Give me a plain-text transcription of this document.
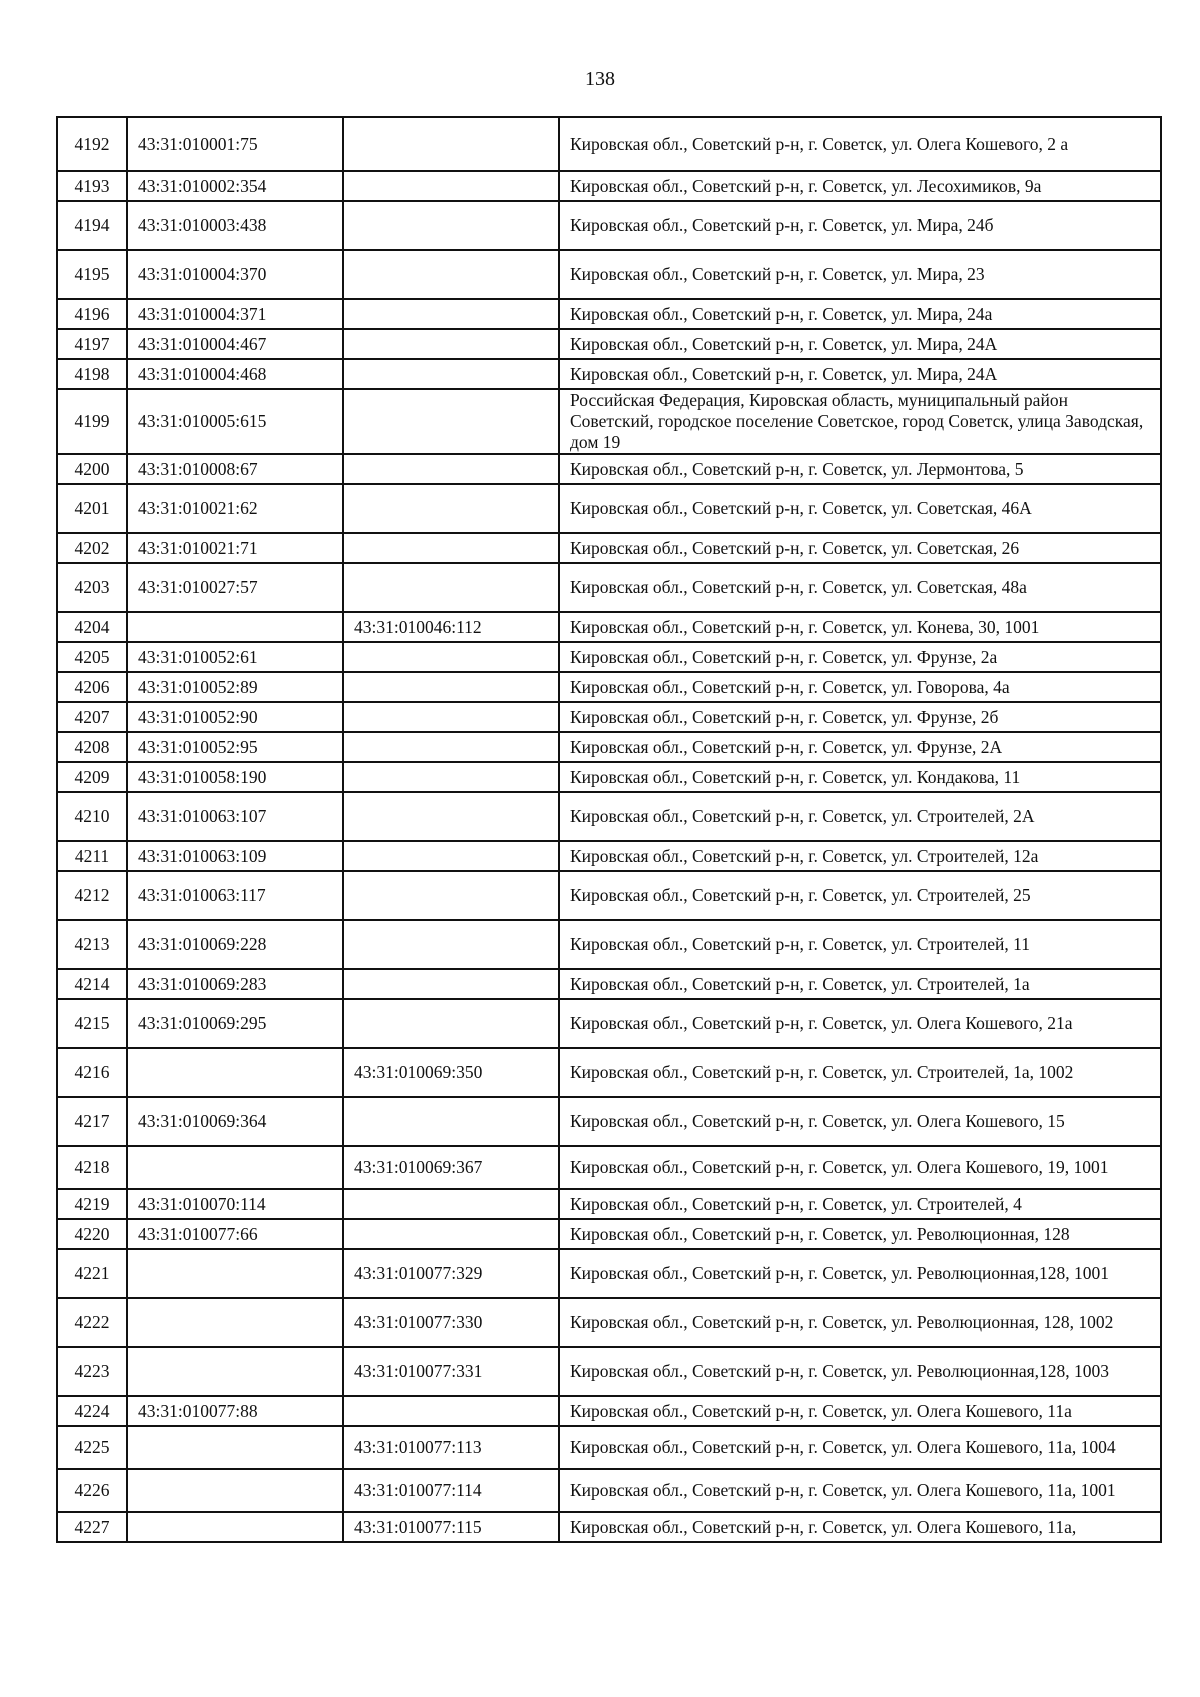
138
4192	43:31:010001:75		Кировская обл., Советский р-н, г. Советск, ул. Олега Кошевого, 2 а
4193	43:31:010002:354		Кировская обл., Советский р-н, г. Советск, ул. Лесохимиков, 9а
4194	43:31:010003:438		Кировская обл., Советский р-н, г. Советск, ул. Мира, 24б
4195	43:31:010004:370		Кировская обл., Советский р-н, г. Советск, ул. Мира, 23
4196	43:31:010004:371		Кировская обл., Советский р-н, г. Советск, ул. Мира, 24а
4197	43:31:010004:467		Кировская обл., Советский р-н, г. Советск, ул. Мира, 24А
4198	43:31:010004:468		Кировская обл., Советский р-н, г. Советск, ул. Мира, 24А
4199	43:31:010005:615		Российская Федерация, Кировская область, муниципальный район Советский, городское поселение Советское, город Советск, улица Заводская, дом 19
4200	43:31:010008:67		Кировская обл., Советский р-н, г. Советск, ул. Лермонтова, 5
4201	43:31:010021:62		Кировская обл., Советский р-н, г. Советск, ул. Советская, 46А
4202	43:31:010021:71		Кировская обл., Советский р-н, г. Советск, ул. Советская, 26
4203	43:31:010027:57		Кировская обл., Советский р-н, г. Советск, ул. Советская, 48а
4204		43:31:010046:112	Кировская обл., Советский р-н, г. Советск, ул. Конева, 30, 1001
4205	43:31:010052:61		Кировская обл., Советский р-н, г. Советск, ул. Фрунзе, 2а
4206	43:31:010052:89		Кировская обл., Советский р-н, г. Советск, ул. Говорова, 4а
4207	43:31:010052:90		Кировская обл., Советский р-н, г. Советск, ул. Фрунзе, 2б
4208	43:31:010052:95		Кировская обл., Советский р-н, г. Советск, ул. Фрунзе, 2А
4209	43:31:010058:190		Кировская обл., Советский р-н, г. Советск, ул. Кондакова, 11
4210	43:31:010063:107		Кировская обл., Советский р-н, г. Советск, ул. Строителей, 2А
4211	43:31:010063:109		Кировская обл., Советский р-н, г. Советск, ул. Строителей, 12а
4212	43:31:010063:117		Кировская обл., Советский р-н, г. Советск, ул. Строителей, 25
4213	43:31:010069:228		Кировская обл., Советский р-н, г. Советск, ул. Строителей, 11
4214	43:31:010069:283		Кировская обл., Советский р-н, г. Советск, ул. Строителей, 1а
4215	43:31:010069:295		Кировская обл., Советский р-н, г. Советск, ул. Олега Кошевого, 21а
4216		43:31:010069:350	Кировская обл., Советский р-н, г. Советск, ул. Строителей, 1а, 1002
4217	43:31:010069:364		Кировская обл., Советский р-н, г. Советск, ул. Олега Кошевого, 15
4218		43:31:010069:367	Кировская обл., Советский р-н, г. Советск, ул. Олега Кошевого, 19, 1001
4219	43:31:010070:114		Кировская обл., Советский р-н, г. Советск, ул. Строителей, 4
4220	43:31:010077:66		Кировская обл., Советский р-н, г. Советск, ул. Революционная, 128
4221		43:31:010077:329	Кировская обл., Советский р-н, г. Советск, ул. Революционная,128, 1001
4222		43:31:010077:330	Кировская обл., Советский р-н, г. Советск, ул. Революционная, 128, 1002
4223		43:31:010077:331	Кировская обл., Советский р-н, г. Советск, ул. Революционная,128, 1003
4224	43:31:010077:88		Кировская обл., Советский р-н, г. Советск, ул. Олега Кошевого, 11а
4225		43:31:010077:113	Кировская обл., Советский р-н, г. Советск, ул. Олега Кошевого, 11а, 1004
4226		43:31:010077:114	Кировская обл., Советский р-н, г. Советск, ул. Олега Кошевого, 11а, 1001
4227		43:31:010077:115	Кировская обл., Советский р-н, г. Советск, ул. Олега Кошевого, 11а,
